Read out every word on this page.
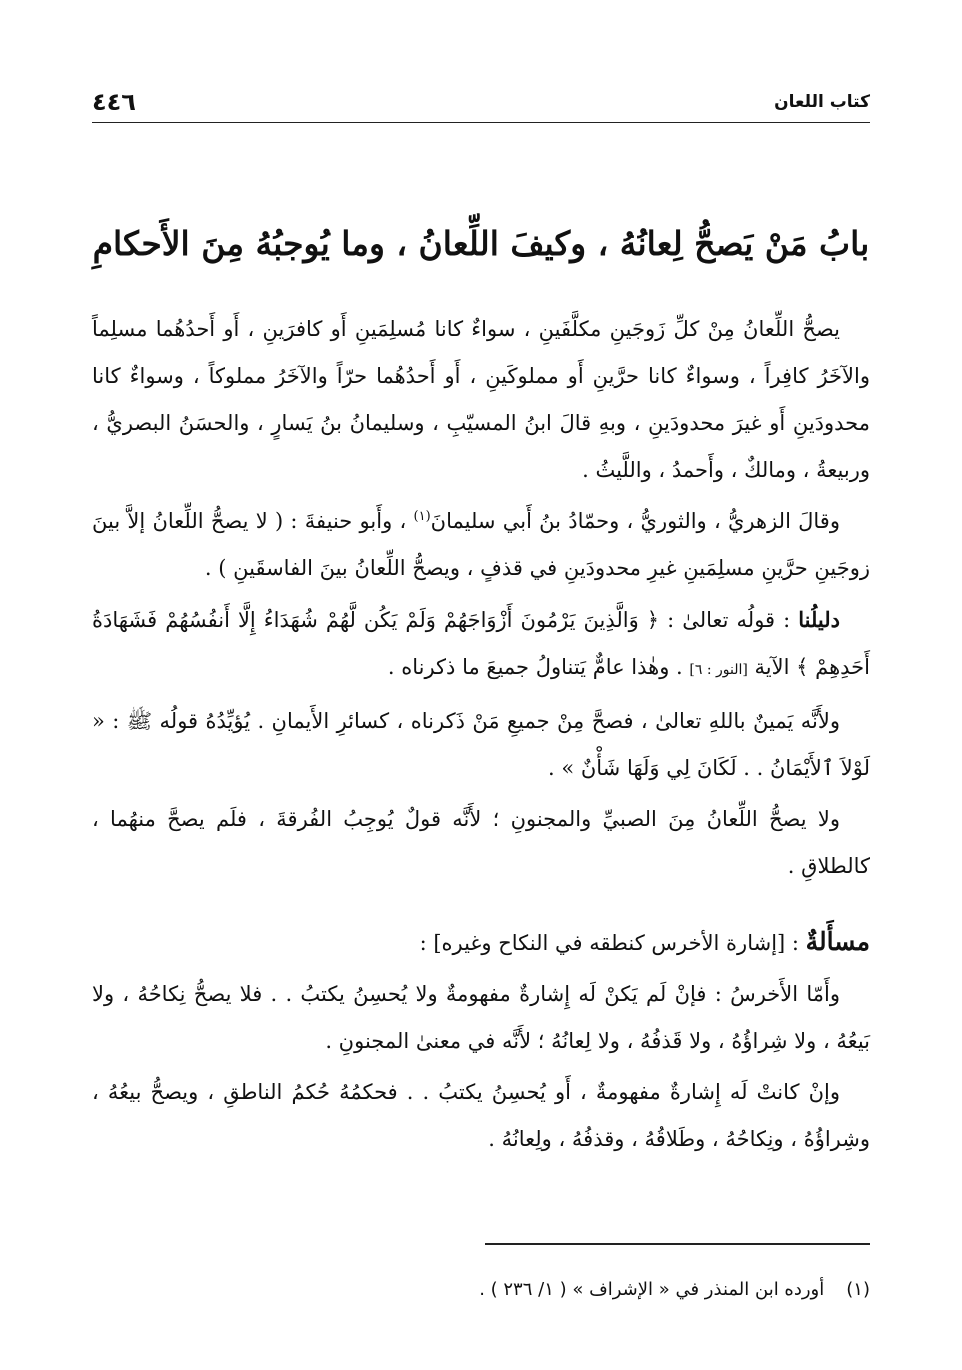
كتاب اللعان
٤٤٦
بابُ مَنْ يَصحُّ لِعانُهُ ، وكيفَ اللِّعانُ ، وما يُوجبُهُ مِنَ الأَحكامِ

يصحُّ اللِّعانُ مِنْ كلِّ زَوجَينِ مكلَّفَينِ ، سواءٌ كانا مُسلِمَينِ أَو كافرَينِ ، أَو أَحدُهُما مسلِماً والآخَرُ كافِراً ، وسواءٌ كانا حرَّينِ أَو مملوكَينِ ، أَو أَحدُهُما حرّاً والآخَرُ مملوكاً ، وسواءٌ كانا محدودَينِ أَو غيرَ محدودَينِ ، وبهِ قالَ ابنُ المسيّبِ ، وسليمانُ بنُ يَسارٍ ، والحسَنُ البصريُّ ، وربيعةُ ، ومالكٌ ، وأَحمدُ ، واللَّيثُ .

وقالَ الزهريُّ ، والثوريُّ ، وحمّادُ بنُ أَبي سليمانَ$^{(١)}$ ، وأَبو حنيفةَ : ( لا يصحُّ اللِّعانُ إلاَّ بينَ زوجَينِ حرَّينِ مسلِمَينِ غيرِ محدودَينِ في قذفٍ ، ويصحُّ اللِّعانُ بينَ الفاسقَينِ ) .

دليلُنا : قولُه تعالىٰ : ﴿ وَالَّذِينَ يَرْمُونَ أَزْوَاجَهُمْ وَلَمْ يَكُن لَّهُمْ شُهَدَاءُ إِلَّا أَنفُسُهُمْ فَشَهَادَةُ أَحَدِهِمْ ﴾ الآية [النور : ٦] . وهٰذا عامٌّ يَتناولُ جميعَ ما ذكرناه .

ولأَنَّه يَمينٌ باللهِ تعالىٰ ، فصحَّ مِنْ جميعِ مَنْ ذَكرناه ، كسائرِ الأَيمانِ . يُؤيِّدُهُ قولُه ﷺ : « لَوْلاَ ٱلأَيْمَانُ . . لَكَانَ لِي وَلَهَا شَأْنٌ » .

ولا يصحُّ اللِّعانُ مِنَ الصبيِّ والمجنونِ ؛ لأَنَّه قولٌ يُوجِبُ الفُرقةَ ، فلَم يصحَّ منهُما ، كالطلاقِ .

مسأَلةٌ : [إشارة الأخرس كنطقه في النكاح وغيره] :

وأَمّا الأَخرسُ : فإنْ لَم يَكنْ لَه إِشارةٌ مفهومةٌ ولا يُحسِنُ يكتبُ . . فلا يصحُّ نِكاحُهُ ، ولا بَيعُهُ ، ولا شِراؤُهُ ، ولا قَذفُهُ ، ولا لِعانُهُ ؛ لأَنَّه في معنىٰ المجنونِ .

وإنْ كانتْ لَه إِشارةٌ مفهومةٌ ، أَو يُحسِنُ يكتبُ . . فحكمُهُ حُكمُ الناطقِ ، ويصحُّ بيعُهُ ، وشِراؤُهُ ، ونِكاحُهُ ، وطَلاقُهُ ، وقذفُهُ ، ولِعانُهُ .

(١)أورده ابن المنذر في « الإشراف » ( ١/ ٢٣٦ ) .
